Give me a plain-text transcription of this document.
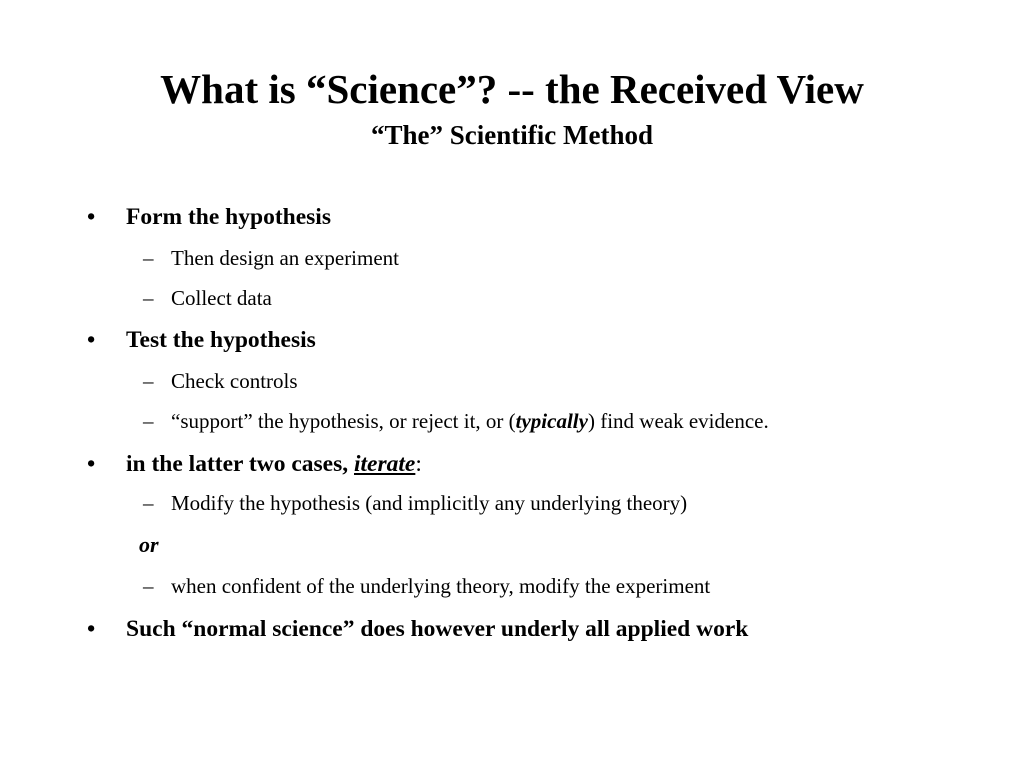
What is “Science”? -- the Received View
“The” Scientific Method
• Form the hypothesis
– Then design an experiment
– Collect data
• Test the hypothesis
– Check controls
– “support” the hypothesis, or reject it, or (typically) find weak evidence.
• in the latter two cases, iterate:
– Modify the hypothesis (and implicitly any underlying theory)
or
– when confident of the underlying theory, modify the experiment
• Such “normal science” does however underly all applied work
